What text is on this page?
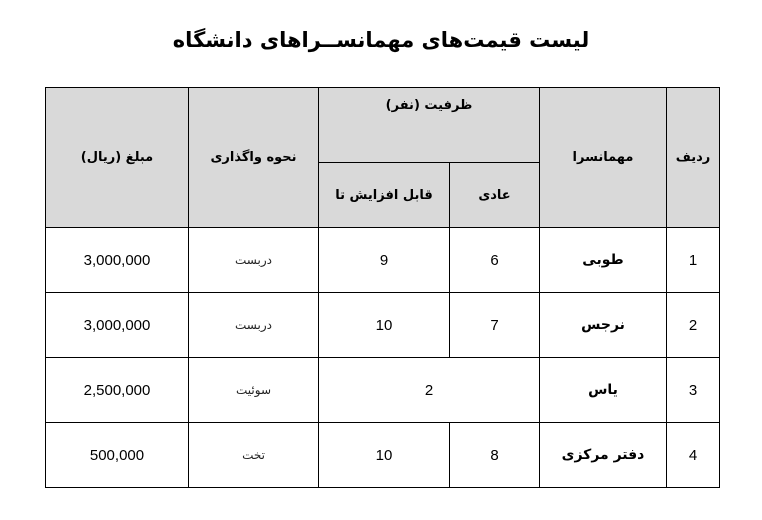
لیست قیمت‌های مهمانســراهای دانشگاه
ردیف	مهمانسرا	ظرفیت (نفر)		نحوه واگذاری	مبلغ (ریال)
		عادی	قابل افزایش تا		
1	طوبی	6	9	دربست	3,000,000
2	نرجس	7	10	دربست	3,000,000
3	یاس	2		سوئیت	2,500,000
4	دفتر مرکزی	8	10	تخت	500,000
